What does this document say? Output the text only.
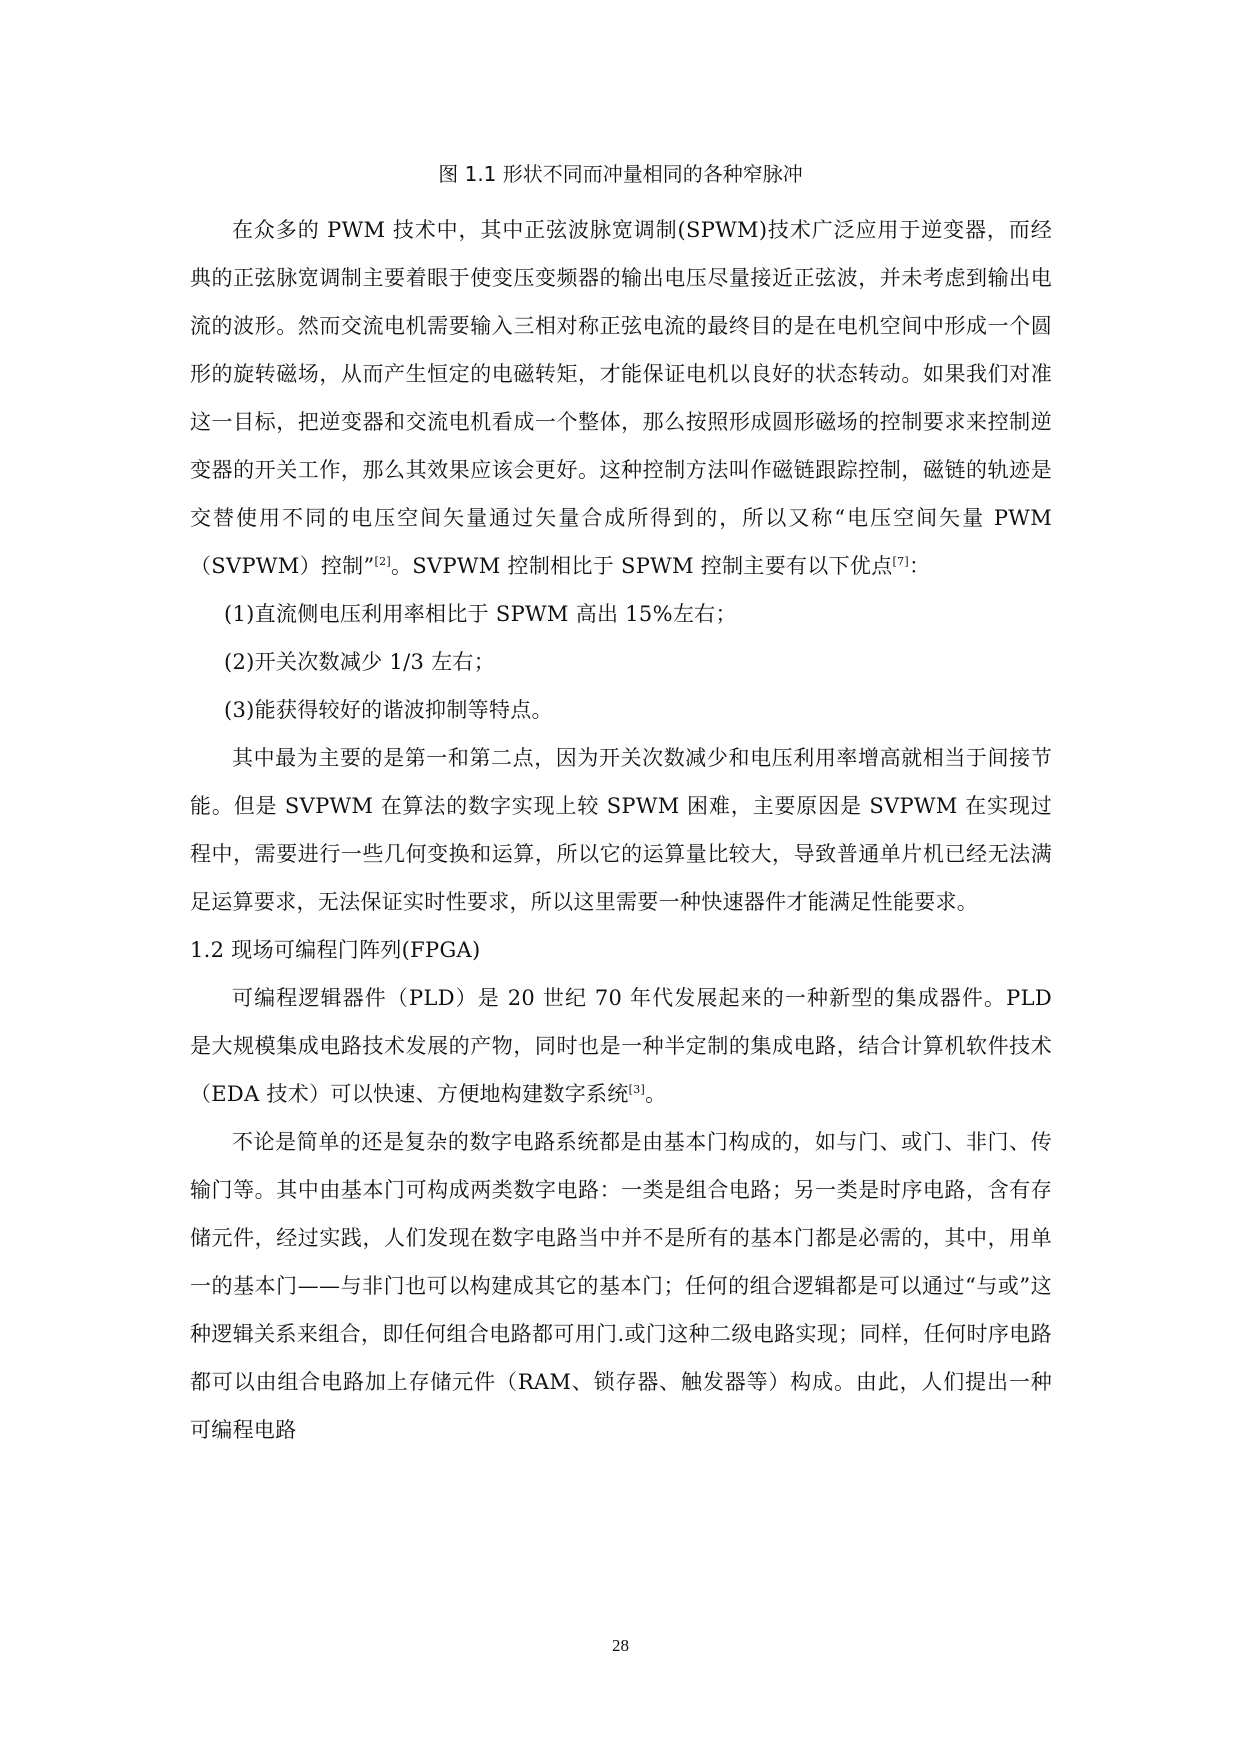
图 1.1 形状不同而冲量相同的各种窄脉冲

在众多的 PWM 技术中，其中正弦波脉宽调制(SPWM)技术广泛应用于逆变器，而经典的正弦脉宽调制主要着眼于使变压变频器的输出电压尽量接近正弦波，并未考虑到输出电流的波形。然而交流电机需要输入三相对称正弦电流的最终目的是在电机空间中形成一个圆形的旋转磁场，从而产生恒定的电磁转矩，才能保证电机以良好的状态转动。如果我们对准这一目标，把逆变器和交流电机看成一个整体，那么按照形成圆形磁场的控制要求来控制逆变器的开关工作，那么其效果应该会更好。这种控制方法叫作磁链跟踪控制，磁链的轨迹是交替使用不同的电压空间矢量通过矢量合成所得到的，所以又称“电压空间矢量 PWM（SVPWM）控制”[2]。SVPWM 控制相比于 SPWM 控制主要有以下优点[7]：

(1)直流侧电压利用率相比于 SPWM 高出 15%左右；

(2)开关次数减少 1/3 左右；

(3)能获得较好的谐波抑制等特点。

其中最为主要的是第一和第二点，因为开关次数减少和电压利用率增高就相当于间接节能。但是 SVPWM 在算法的数字实现上较 SPWM 困难，主要原因是 SVPWM 在实现过程中，需要进行一些几何变换和运算，所以它的运算量比较大，导致普通单片机已经无法满足运算要求，无法保证实时性要求，所以这里需要一种快速器件才能满足性能要求。

1.2 现场可编程门阵列(FPGA)

可编程逻辑器件（PLD）是 20 世纪 70 年代发展起来的一种新型的集成器件。PLD 是大规模集成电路技术发展的产物，同时也是一种半定制的集成电路，结合计算机软件技术（EDA 技术）可以快速、方便地构建数字系统[3]。

不论是简单的还是复杂的数字电路系统都是由基本门构成的，如与门、或门、非门、传输门等。其中由基本门可构成两类数字电路：一类是组合电路；另一类是时序电路，含有存储元件，经过实践，人们发现在数字电路当中并不是所有的基本门都是必需的，其中，用单一的基本门——与非门也可以构建成其它的基本门；任何的组合逻辑都是可以通过“与或”这种逻辑关系来组合，即任何组合电路都可用门.或门这种二级电路实现；同样，任何时序电路都可以由组合电路加上存储元件（RAM、锁存器、触发器等）构成。由此，人们提出一种可编程电路

28
